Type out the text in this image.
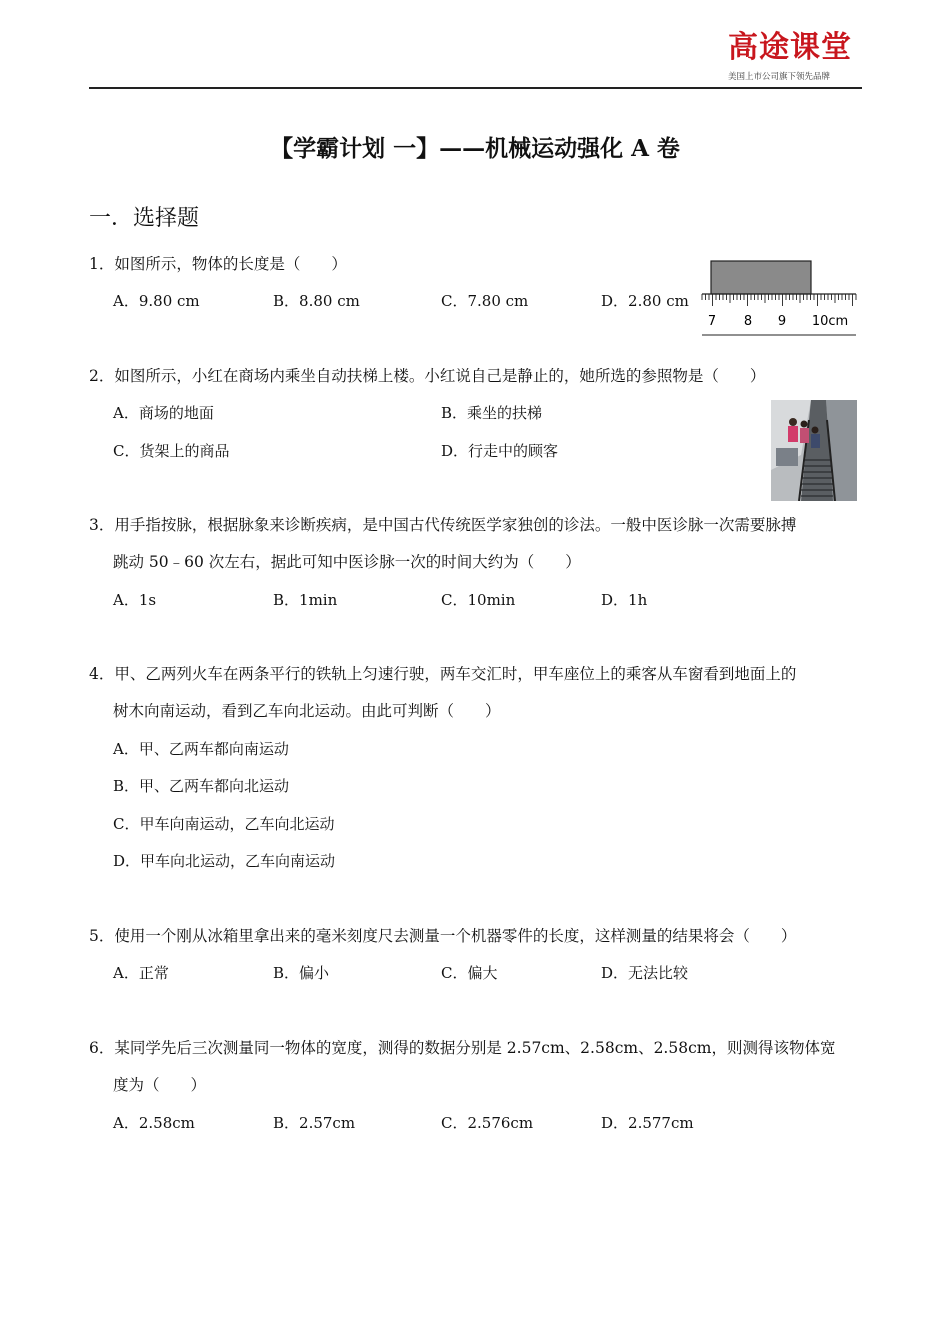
高途课堂
美国上市公司旗下领先品牌
【学霸计划 一】——机械运动强化 A 卷
一．选择题
1．如图所示，物体的长度是（　　）
A．9.80 cm	B．8.80 cm	C．7.80 cm	D．2.80 cm
7 8 9 10cm
2．如图所示，小红在商场内乘坐自动扶梯上楼。小红说自己是静止的，她所选的参照物是（　　）
A．商场的地面	B．乘坐的扶梯
C．货架上的商品	D．行走中的顾客
3．用手指按脉，根据脉象来诊断疾病，是中国古代传统医学家独创的诊法。一般中医诊脉一次需要脉搏
跳动 50﹣60 次左右，据此可知中医诊脉一次的时间大约为（　　）
A．1s	B．1min	C．10min	D．1h
4．甲、乙两列火车在两条平行的铁轨上匀速行驶，两车交汇时，甲车座位上的乘客从车窗看到地面上的
树木向南运动，看到乙车向北运动。由此可判断（　　）
A．甲、乙两车都向南运动
B．甲、乙两车都向北运动
C．甲车向南运动，乙车向北运动
D．甲车向北运动，乙车向南运动
5．使用一个刚从冰箱里拿出来的毫米刻度尺去测量一个机器零件的长度，这样测量的结果将会（　　）
A．正常	B．偏小	C．偏大	D．无法比较
6．某同学先后三次测量同一物体的宽度，测得的数据分别是 2.57cm、2.58cm、2.58cm，则测得该物体宽
度为（　　）
A．2.58cm	B．2.57cm	C．2.576cm	D．2.577cm
